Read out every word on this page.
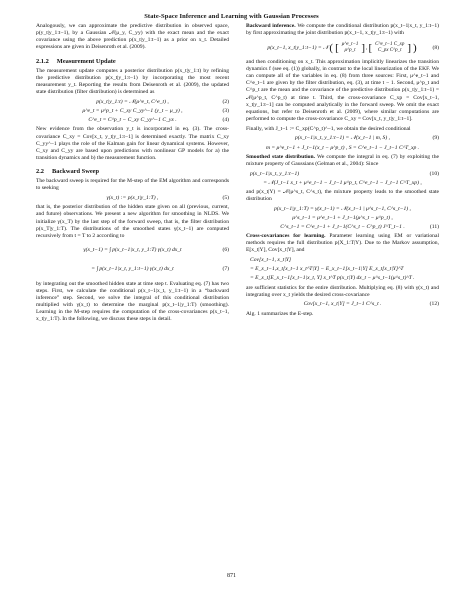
State-Space Inference and Learning with Gaussian Processes

Analogously, we can approximate the predictive distribution in observed space, p(y_t|y_1:t−1), by a Gaussian 𝒩(μ_y, C_yy) with the exact mean and the exact covariance using the above prediction p(x_t|y_1:t−1) as a prior on x_t. Detailed expressions are given in Deisenroth et al. (2009).

2.1.2 Measurement Update

The measurement update computes a posterior distribution p(x_t|y_1:t) by refining the predictive distribution p(x_t|y_1:t−1) by incorporating the most recent measurement y_t. Reporting the results from Deisenroth et al. (2009), the updated state distribution (filter distribution) is determined as

p(x_t|y_1:t) = 𝒩(μ^e_t, C^e_t) ,	(2)
μ^e_t = μ^p_t + C_xy C_yy^−1 (y_t − μ_y) ,	(3)
C^e_t = C^p_t − C_xy C_yy^−1 C_yx .	(4)

New evidence from the observation y_t is incorporated in eq. (3). The cross-covariance C_xy = Cov[x_t, y_t|y_1:t−1] is determined exactly. The matrix C_xy C_yy^−1 plays the role of the Kalman gain for linear dynamical systems. However, C_xy and C_yy are based upon predictions with nonlinear GP models for a) the transition dynamics and b) the measurement function.

2.2 Backward Sweep

The backward sweep is required for the M-step of the EM algorithm and corresponds to seeking

γ(x_t) := p(x_t|y_1:T) ,	(5)

that is, the posterior distribution of the hidden state given on all (previous, current, and future) observations. We present a new algorithm for smoothing in NLDS. We initialize γ(x_T) by the last step of the forward sweep, that is, the filter distribution p(x_T|y_1:T). The distributions of the smoothed states γ(x_t−1) are computed recursively from t = T to 2 according to

γ(x_t−1) = ∫ p(x_t−1|x_t, y_1:T) γ(x_t) dx_t	(6)
= ∫ p(x_t−1|x_t, y_1:t−1) γ(x_t) dx_t	(7)

by integrating out the smoothed hidden state at time step t. Evaluating eq. (7) has two steps. First, we calculate the conditional p(x_t−1|x_t, y_1:t−1) in a “backward inference” step. Second, we solve the integral of this conditional distribution multiplied with γ(x_t) to determine the marginal p(x_t−1|y_1:T) (smoothing). Learning in the M-step requires the computation of the cross-covariances p(x_t−1, x_t|y_1:T). In the following, we discuss these steps in detail.

Backward inference. We compute the conditional distribution p(x_t−1|x_t, y_1:t−1) by first approximating the joint distribution p(x_t−1, x_t|y_1:t−1) with

p(x_t−1, x_t|y_1:t−1) = 𝒩 ( [ μ^e_t−1
μ^p_t ] , [ C^e_t−1 C_xp
C_px C^p_t ] )	(8)

and then conditioning on x_t. This approximation implicitly linearizes the transition dynamics f (see eq. (1)) globally, in contrast to the local linearization of the EKF. We can compute all of the variables in eq. (8) from three sources: First, μ^e_t−1 and C^e_t−1 are given by the filter distribution, eq. (3), at time t − 1. Second, μ^p_t and C^p_t are the mean and the covariance of the predictive distribution p(x_t|y_1:t−1) = 𝒩(μ^p_t, C^p_t) at time t. Third, the cross-covariance C_xp = Cov[x_t−1, x_t|y_1:t−1] can be computed analytically in the forward sweep. We omit the exact equations, but refer to Deisenroth et al. (2009), where similar computations are performed to compute the cross-covariance C_xy = Cov[x_t, y_t|y_1:t−1].

Finally, with J_t−1 := C_xp(C^p_t)^−1, we obtain the desired conditional

p(x_t−1|x_t, y_1:t−1) = 𝒩(x_t−1 | m, S) ,	(9)
m = μ^e_t−1 + J_t−1(x_t − μ^p_t) , S = C^e_t−1 − J_t−1 C^T_xp .

Smoothed state distribution. We compute the integral in eq. (7) by exploiting the mixture property of Gaussians (Gelman et al., 2004): Since

p(x_t−1|x_t, y_1:t−1)	(10)
= 𝒩(J_t−1 x_t + μ^e_t−1 − J_t−1 μ^p_t, C^e_t−1 − J_t−1 C^T_xp) ,

and p(x_t|Y) = 𝒩(μ^s_t, C^s_t), the mixture property leads to the smoothed state distribution

p(x_t−1|y_1:T) = γ(x_t−1) = 𝒩(x_t−1 | μ^s_t−1, C^s_t−1) ,
μ^s_t−1 = μ^e_t−1 + J_t−1(μ^s_t − μ^p_t) ,
C^s_t−1 = C^e_t−1 + J_t−1(C^s_t − C^p_t) J^T_t−1 .	(11)

Cross-covariances for learning. Parameter learning using EM or variational methods requires the full distribution p(X_1:T|Y). Due to the Markov assumption, E[x_t|Y], Cov[x_t|Y], and

Cov[x_t−1, x_t|Y]
= E_x_t−1,x_t[x_t−1 x_t^T|Y] − E_x_t−1[x_t−1|Y] E_x_t[x_t|Y]^T
= E_x_t[E_x_t−1[x_t−1|x_t, Y] x_t^T p(x_t|Y) dx_t − μ^s_t−1(μ^s_t)^T .

are sufficient statistics for the entire distribution. Multiplying eq. (8) with γ(x_t) and integrating over x_t yields the desired cross-covariance

Cov[x_t−1, x_t|Y] = J_t−1 C^s_t .	(12)

Alg. 1 summarizes the E-step.

871
